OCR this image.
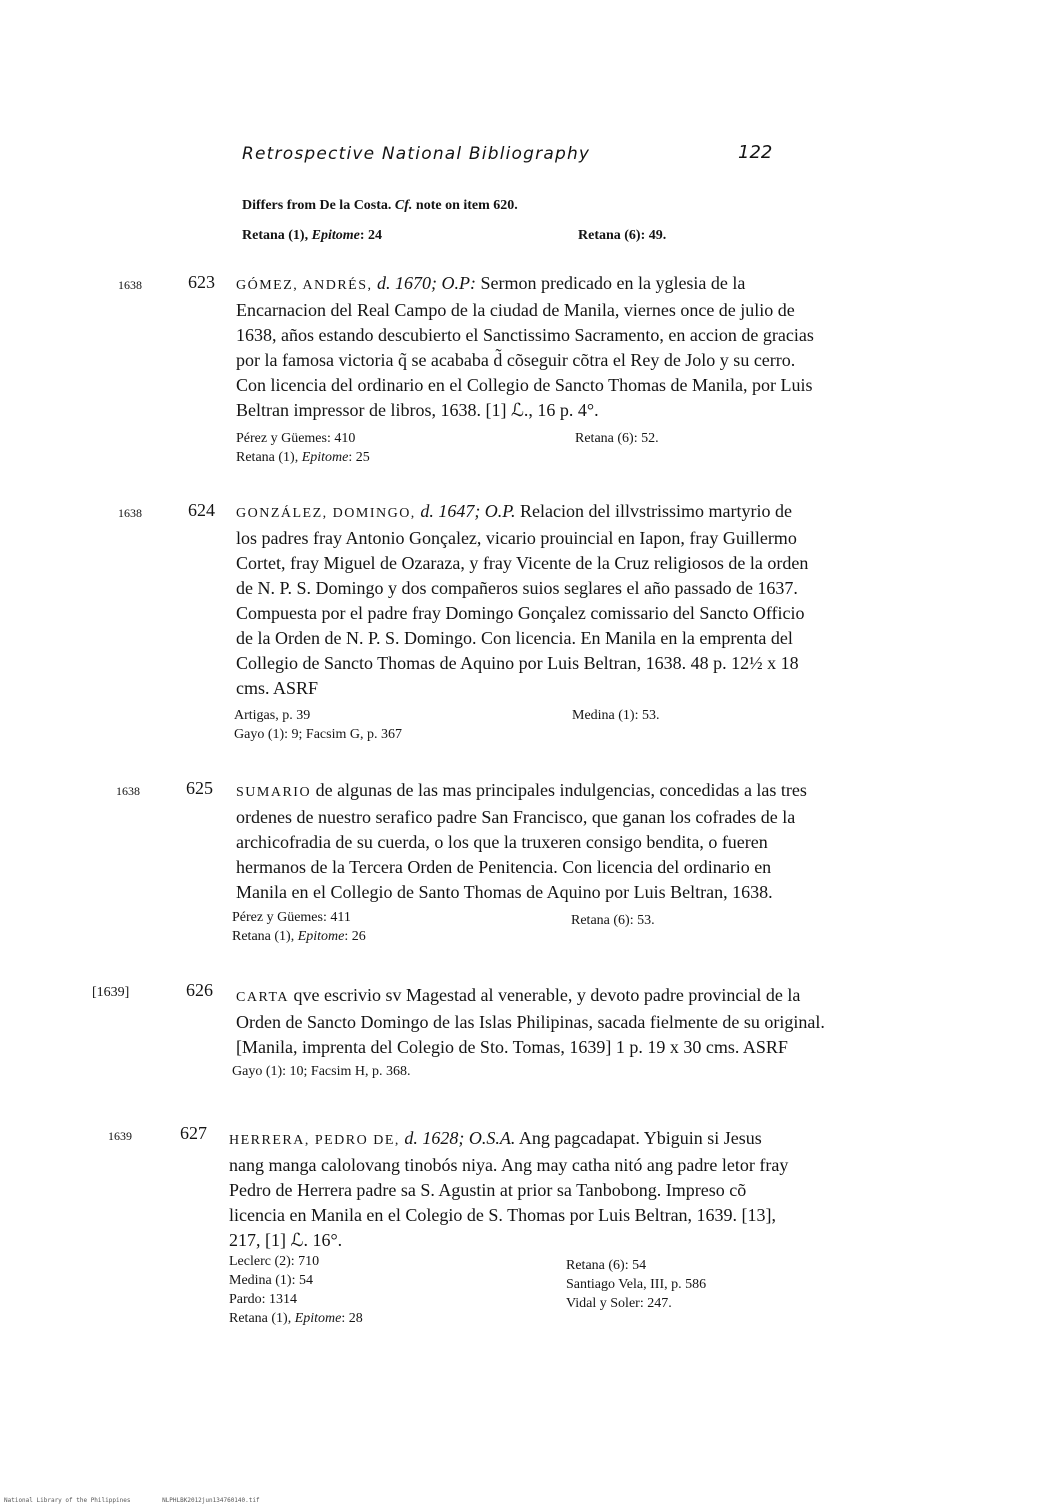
Retrospective National Bibliography	122
Differs from De la Costa. Cf. note on item 620.
Retana (1), Epitome: 24	Retana (6): 49.
1638	623 GÓMEZ, ANDRÉS, d. 1670; O.P: Sermon predicado en la yglesia de la
Encarnacion del Real Campo de la ciudad de Manila, viernes once de julio de
1638, años estando descubierto el Sanctissimo Sacramento, en accion de gracias
por la famosa victoria q̃ se acababa d̃ cõseguir cõtra el Rey de Jolo y su cerro.
Con licencia del ordinario en el Collegio de Sancto Thomas de Manila, por Luis
Beltran impressor de libros, 1638. [1] ℒ., 16 p. 4°.
Pérez y Güemes: 410
Retana (1), Epitome: 25
Retana (6): 52.
1638	624 GONZÁLEZ, DOMINGO, d. 1647; O.P. Relacion del illvstrissimo martyrio de
los padres fray Antonio Gonçalez, vicario prouincial en Iapon, fray Guillermo
Cortet, fray Miguel de Ozaraza, y fray Vicente de la Cruz religiosos de la orden
de N. P. S. Domingo y dos compañeros suios seglares el año passado de 1637.
Compuesta por el padre fray Domingo Gonçalez comissario del Sancto Officio
de la Orden de N. P. S. Domingo. Con licencia. En Manila en la emprenta del
Collegio de Sancto Thomas de Aquino por Luis Beltran, 1638. 48 p. 12½ x 18
cms. ASRF
Artigas, p. 39
Gayo (1): 9; Facsim G, p. 367
Medina (1): 53.
1638	625 SUMARIO de algunas de las mas principales indulgencias, concedidas a las tres
ordenes de nuestro serafico padre San Francisco, que ganan los cofrades de la
archicofradia de su cuerda, o los que la truxeren consigo bendita, o fueren
hermanos de la Tercera Orden de Penitencia. Con licencia del ordinario en
Manila en el Collegio de Santo Thomas de Aquino por Luis Beltran, 1638.
Pérez y Güemes: 411
Retana (1), Epitome: 26
Retana (6): 53.
[1639]	626 CARTA qve escrivio sv Magestad al venerable, y devoto padre provincial de la
Orden de Sancto Domingo de las Islas Philipinas, sacada fielmente de su original.
[Manila, imprenta del Colegio de Sto. Tomas, 1639] 1 p. 19 x 30 cms. ASRF
Gayo (1): 10; Facsim H, p. 368.
1639	627 HERRERA, PEDRO DE, d. 1628; O.S.A. Ang pagcadapat. Ybiguin si Jesus
nang manga calolovang tinobós niya. Ang may catha nitó ang padre letor fray
Pedro de Herrera padre sa S. Agustin at prior sa Tanbobong. Impreso cõ
licencia en Manila en el Colegio de S. Thomas por Luis Beltran, 1639. [13],
217, [1] ℒ. 16°.
Leclerc (2): 710
Medina (1): 54
Pardo: 1314
Retana (1), Epitome: 28
Retana (6): 54
Santiago Vela, III, p. 586
Vidal y Soler: 247.
National Library of the Philippines	NLPHLBK2012jun134760140.tif
